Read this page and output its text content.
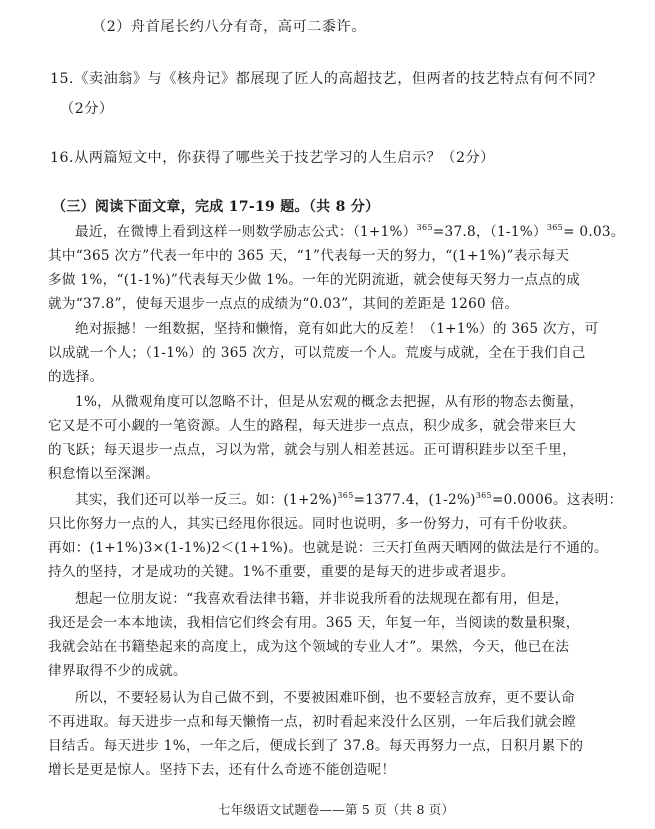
（2）舟首尾长约八分有奇，高可二黍许。
15.《卖油翁》与《核舟记》都展现了匠人的高超技艺，但两者的技艺特点有何不同？
（2分）
16.从两篇短文中，你获得了哪些关于技艺学习的人生启示？（2分）
（三）阅读下面文章，完成 17-19 题。（共 8 分）
最近，在微博上看到这样一则数学励志公式：$(1+1\%)^{365}=37.8$，$(1-1\%)^{365}= 0.03$。
其中“365 次方”代表一年中的 365 天，“1”代表每一天的努力，“(1+1%)”表示每天
多做 1%，“(1-1%)”代表每天少做 1%。一年的光阴流逝，就会使每天努力一点点的成
就为“37.8”，使每天退步一点点的成绩为“0.03”，其间的差距是 1260 倍。
绝对振撼！一组数据，坚持和懒惰，竟有如此大的反差！（1+1%）的 365 次方，可
以成就一个人；（1-1%）的 365 次方，可以荒废一个人。荒废与成就，全在于我们自己
的选择。
1%，从微观角度可以忽略不计，但是从宏观的概念去把握，从有形的物态去衡量，
它又是不可小觑的一笔资源。人生的路程，每天进步一点点，积少成多，就会带来巨大
的飞跃；每天退步一点点，习以为常，就会与别人相差甚远。正可谓积跬步以至千里，
积怠惰以至深渊。
其实，我们还可以举一反三。如：$(1+2\%)^{365}=1377.4$，$(1-2\%)^{365}=0.0006$。这表明：
只比你努力一点的人，其实已经甩你很远。同时也说明，多一份努力，可有千份收获。
再如：(1+1%)3×(1-1%)2＜(1+1%)。也就是说：三天打鱼两天晒网的做法是行不通的。
持久的坚持，才是成功的关键。1%不重要，重要的是每天的进步或者退步。
想起一位朋友说：“我喜欢看法律书籍，并非说我所看的法规现在都有用，但是，
我还是会一本本地读，我相信它们终会有用。365 天，年复一年，当阅读的数量积聚，
我就会站在书籍垫起来的高度上，成为这个领域的专业人才”。果然，今天，他已在法
律界取得不少的成就。
所以，不要轻易认为自己做不到，不要被困难吓倒，也不要轻言放弃，更不要认命
不再进取。每天进步一点和每天懒惰一点，初时看起来没什么区别，一年后我们就会瞠
目结舌。每天进步 1%，一年之后，便成长到了 37.8。每天再努力一点，日积月累下的
增长是更是惊人。坚持下去，还有什么奇迹不能创造呢！
七年级语文试题卷——第 5 页（共 8 页）
